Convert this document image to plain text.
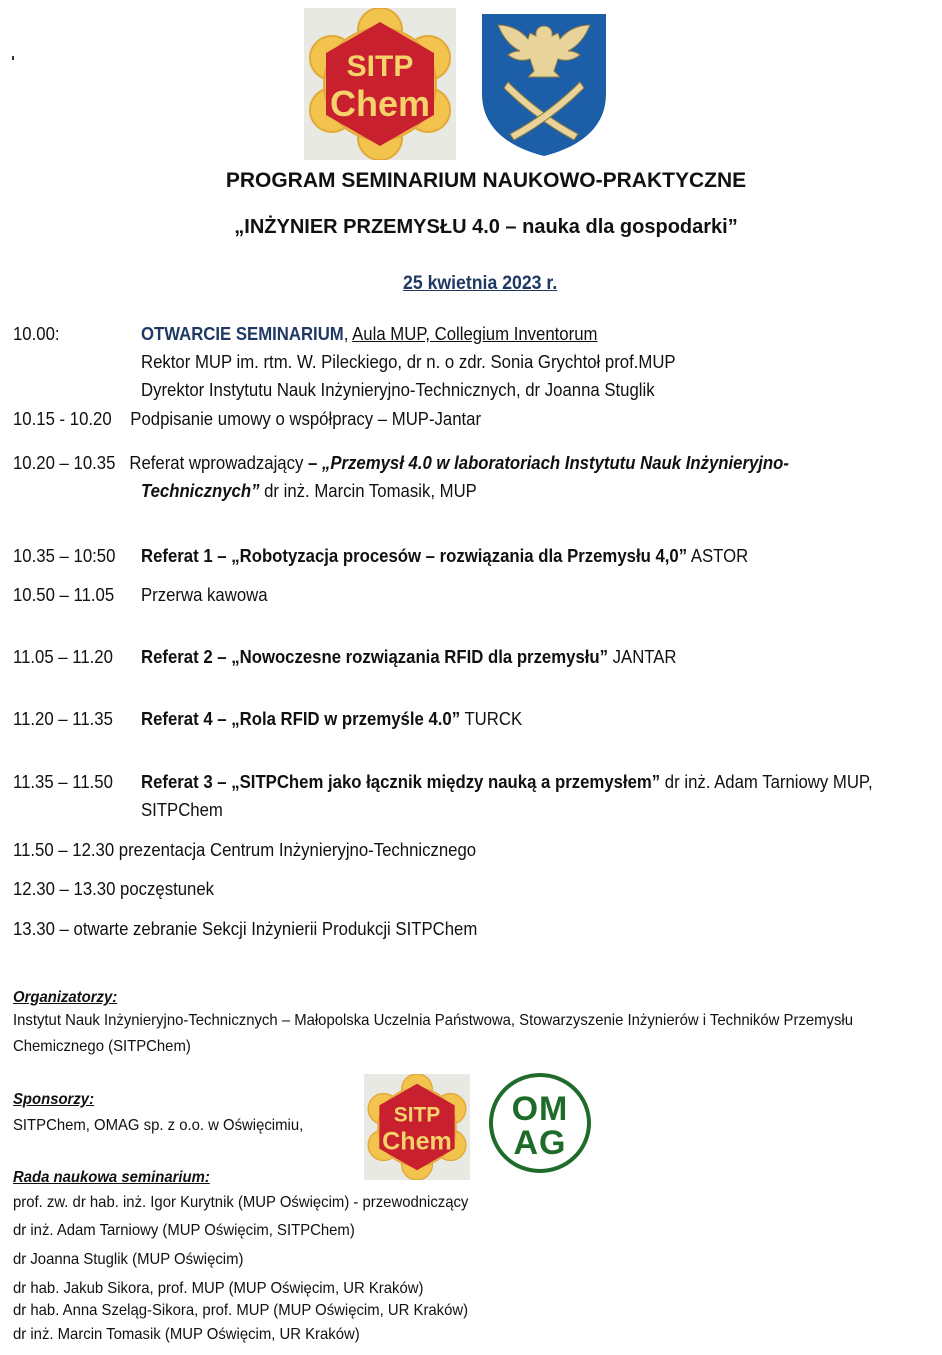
SITP
Chem
PROGRAM SEMINARIUM NAUKOWO-PRAKTYCZNE
„INŻYNIER PRZEMYSŁU 4.0 – nauka dla gospodarki”
25 kwietnia 2023 r.
10.00:	OTWARCIE SEMINARIUM, Aula MUP, Collegium Inventorum
Rektor MUP im. rtm. W. Pileckiego, dr n. o zdr. Sonia Grychtoł prof.MUP
Dyrektor Instytutu Nauk Inżynieryjno-Technicznych, dr Joanna Stuglik
10.15 - 10.20 Podpisanie umowy o współpracy – MUP-Jantar
10.20 – 10.35 Referat wprowadzający – „Przemysł 4.0 w laboratoriach Instytutu Nauk Inżynieryjno-
Technicznych” dr inż. Marcin Tomasik, MUP
10.35 – 10:50 Referat 1 – „Robotyzacja procesów – rozwiązania dla Przemysłu 4,0” ASTOR
10.50 – 11.05 Przerwa kawowa
11.05 – 11.20 Referat 2 – „Nowoczesne rozwiązania RFID dla przemysłu” JANTAR
11.20 – 11.35 Referat 4 – „Rola RFID w przemyśle 4.0” TURCK
11.35 – 11.50 Referat 3 – „SITPChem jako łącznik między nauką a przemysłem” dr inż. Adam Tarniowy MUP,
SITPChem
11.50 – 12.30 prezentacja Centrum Inżynieryjno-Technicznego
12.30 – 13.30 poczęstunek
13.30 – otwarte zebranie Sekcji Inżynierii Produkcji SITPChem
Organizatorzy:
Instytut Nauk Inżynieryjno-Technicznych – Małopolska Uczelnia Państwowa, Stowarzyszenie Inżynierów i Techników Przemysłu
Chemicznego (SITPChem)
Sponsorzy:
SITPChem, OMAG sp. z o.o. w Oświęcimiu,	SITP
Chem
OM
AG
Rada naukowa seminarium:
prof. zw. dr hab. inż. Igor Kurytnik (MUP Oświęcim) - przewodniczący
dr inż. Adam Tarniowy (MUP Oświęcim, SITPChem)
dr Joanna Stuglik (MUP Oświęcim)
dr hab. Jakub Sikora, prof. MUP (MUP Oświęcim, UR Kraków)
dr hab. Anna Szeląg-Sikora, prof. MUP (MUP Oświęcim, UR Kraków)
dr inż. Marcin Tomasik (MUP Oświęcim, UR Kraków)
